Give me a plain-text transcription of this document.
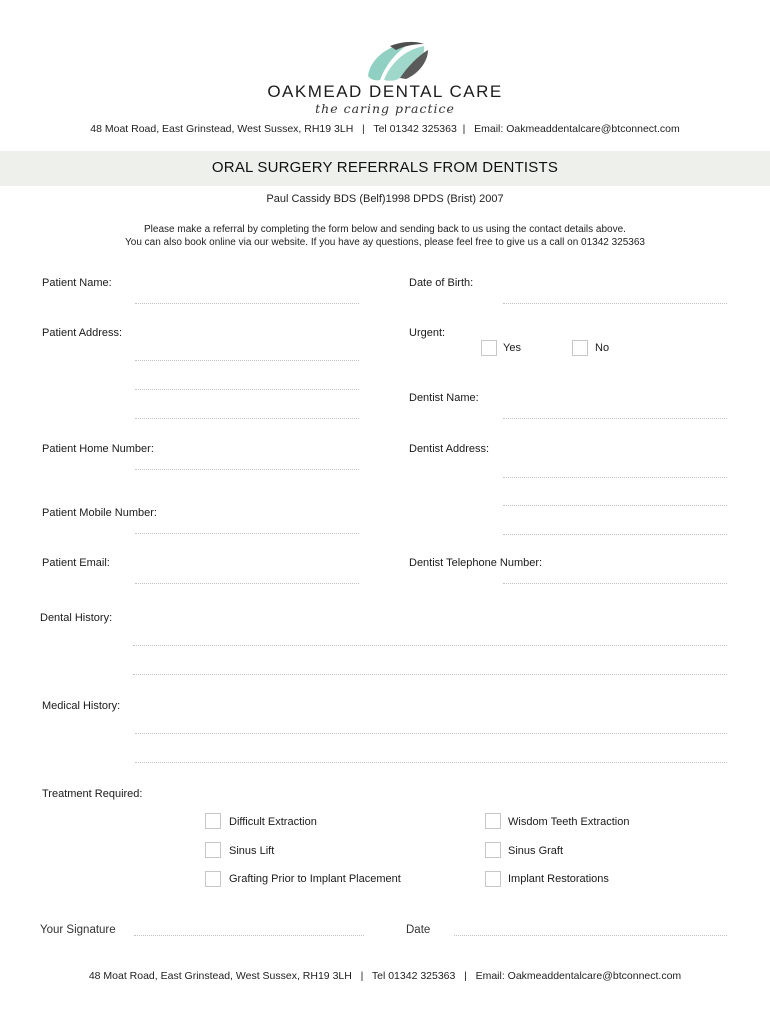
OAKMEAD DENTAL CARE
the caring practice
48 Moat Road, East Grinstead, West Sussex, RH19 3LH   |   Tel 01342 325363  |   Email: Oakmeaddentalcare@btconnect.com
ORAL SURGERY REFERRALS FROM DENTISTS
Paul Cassidy BDS (Belf)1998 DPDS (Brist) 2007
Please make a referral by completing the form below and sending back to us using the contact details above.
You can also book online via our website. If you have ay questions, please feel free to give us a call on 01342 325363
Patient Name:
Patient Address:
Patient Home Number:
Patient Mobile Number:
Patient Email:
Date of Birth:
Urgent:
Yes	No
Dentist Name:
Dentist Address:
Dentist Telephone Number:
Dental History:
Medical History:
Treatment Required:
Difficult Extraction	Wisdom Teeth Extraction
Sinus Lift	Sinus Graft
Grafting Prior to Implant Placement	Implant Restorations
Your Signature	Date
48 Moat Road, East Grinstead, West Sussex, RH19 3LH   |   Tel 01342 325363   |   Email: Oakmeaddentalcare@btconnect.com
